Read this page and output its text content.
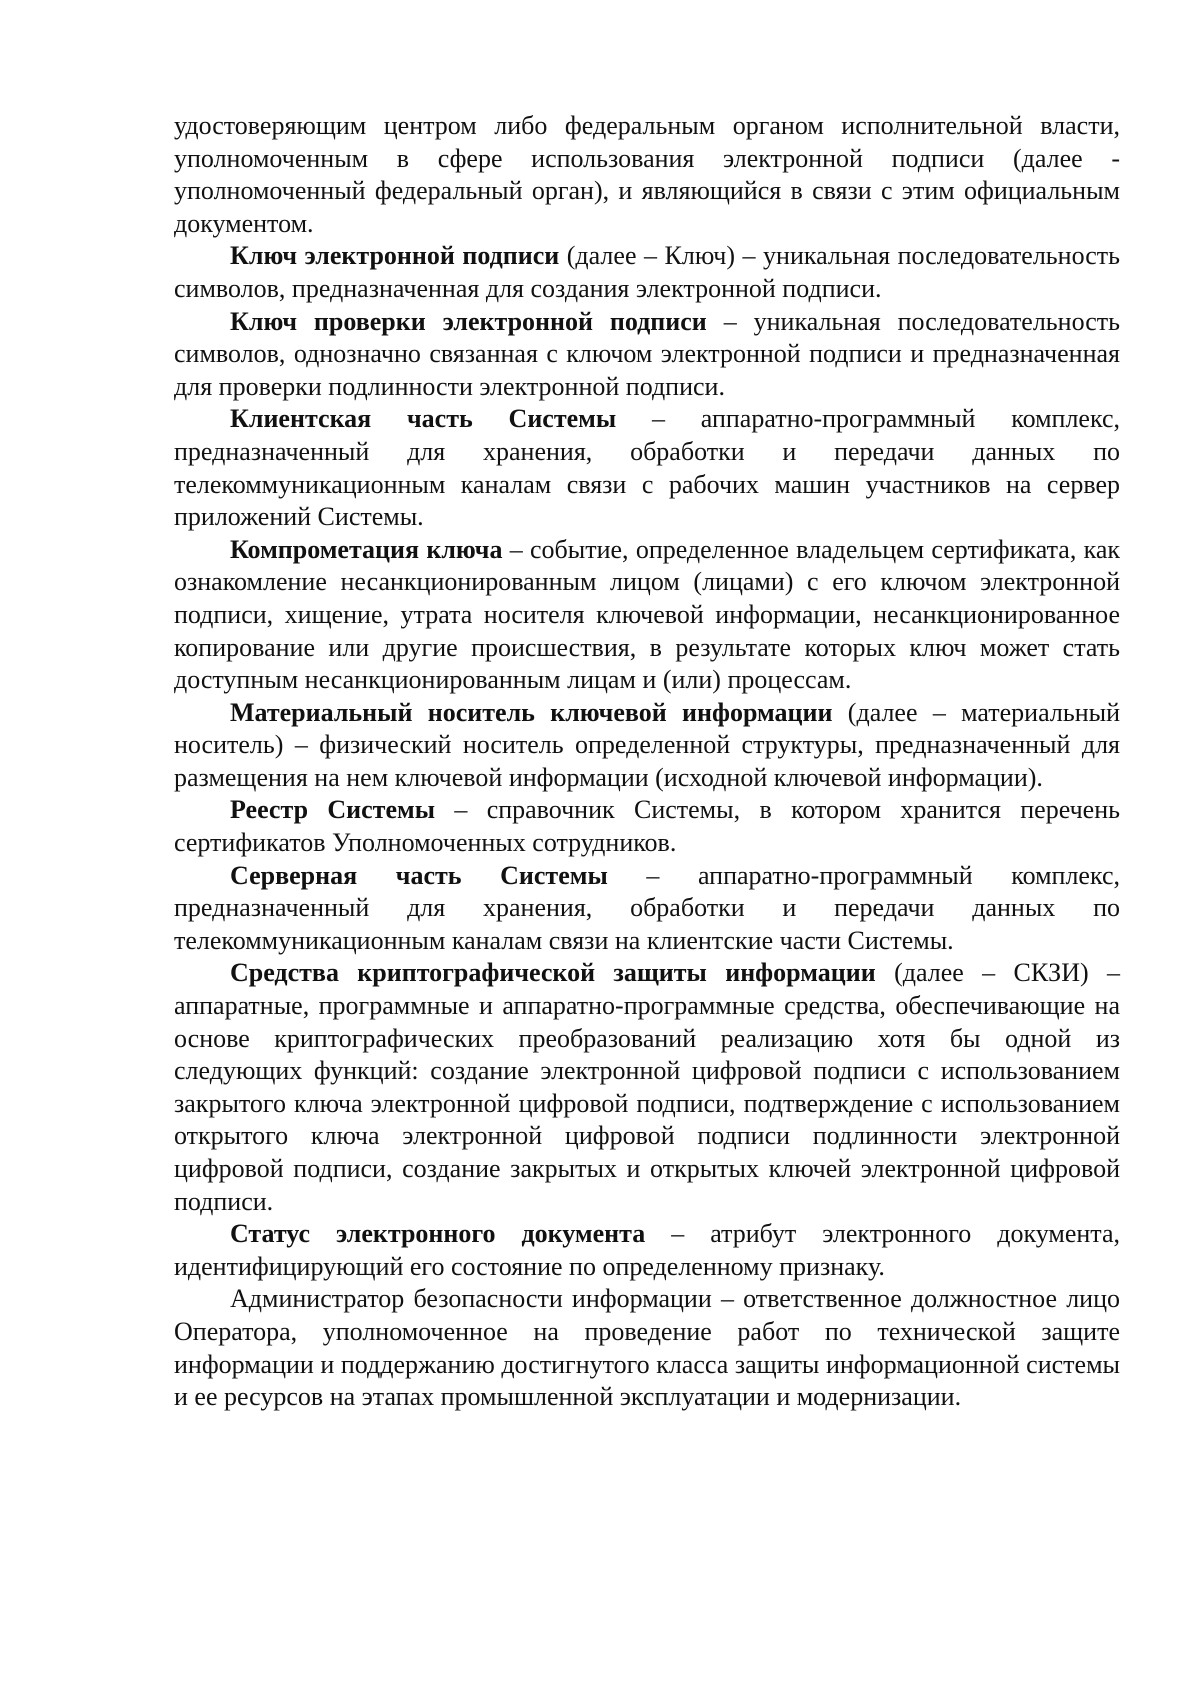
удостоверяющим центром либо федеральным органом исполнительной власти, уполномоченным в сфере использования электронной подписи (далее - уполномоченный федеральный орган), и являющийся в связи с этим официальным документом.

Ключ электронной подписи (далее – Ключ) – уникальная последовательность символов, предназначенная для создания электронной подписи.

Ключ проверки электронной подписи – уникальная последовательность символов, однозначно связанная с ключом электронной подписи и предназначенная для проверки подлинности электронной подписи.

Клиентская часть Системы – аппаратно-программный комплекс, предназначенный для хранения, обработки и передачи данных по телекоммуникационным каналам связи с рабочих машин участников на сервер приложений Системы.

Компрометация ключа – событие, определенное владельцем сертификата, как ознакомление несанкционированным лицом (лицами) с его ключом электронной подписи, хищение, утрата носителя ключевой информации, несанкционированное копирование или другие происшествия, в результате которых ключ может стать доступным несанкционированным лицам и (или) процессам.

Материальный носитель ключевой информации (далее – материальный носитель) – физический носитель определенной структуры, предназначенный для размещения на нем ключевой информации (исходной ключевой информации).

Реестр Системы – справочник Системы, в котором хранится перечень сертификатов Уполномоченных сотрудников.

Серверная часть Системы – аппаратно-программный комплекс, предназначенный для хранения, обработки и передачи данных по телекоммуникационным каналам связи на клиентские части Системы.

Средства криптографической защиты информации (далее – СКЗИ) – аппаратные, программные и аппаратно-программные средства, обеспечивающие на основе криптографических преобразований реализацию хотя бы одной из следующих функций: создание электронной цифровой подписи с использованием закрытого ключа электронной цифровой подписи, подтверждение с использованием открытого ключа электронной цифровой подписи подлинности электронной цифровой подписи, создание закрытых и открытых ключей электронной цифровой подписи.

Статус электронного документа – атрибут электронного документа, идентифицирующий его состояние по определенному признаку.

Администратор безопасности информации – ответственное должностное лицо Оператора, уполномоченное на проведение работ по технической защите информации и поддержанию достигнутого класса защиты информационной системы и ее ресурсов на этапах промышленной эксплуатации и модернизации.
